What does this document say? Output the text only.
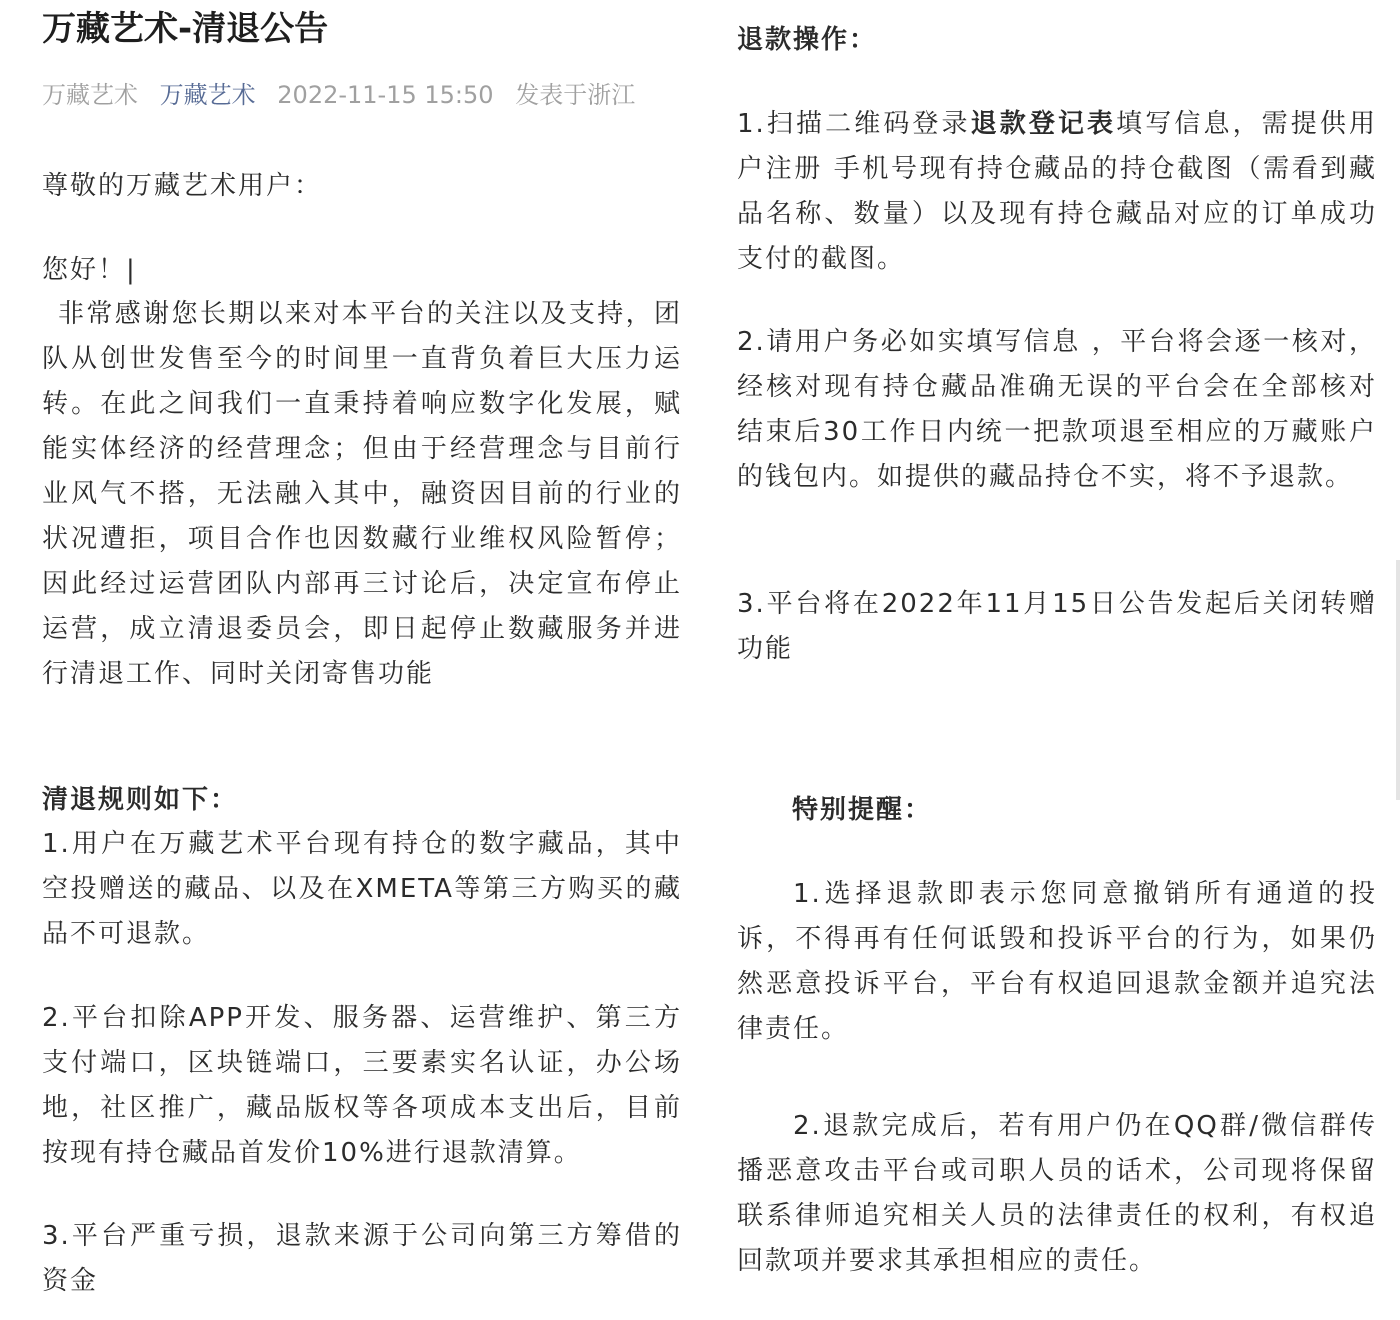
万藏艺术-清退公告
万藏艺术 万藏艺术 2022-11-15 15:50 发表于浙江

尊敬的万藏艺术用户：

您好！|

非常感谢您长期以来对本平台的关注以及支持，团队从创世发售至今的时间里一直背负着巨大压力运转。在此之间我们一直秉持着响应数字化发展，赋能实体经济的经营理念；但由于经营理念与目前行业风气不搭，无法融入其中，融资因目前的行业的状况遭拒，项目合作也因数藏行业维权风险暂停；因此经过运营团队内部再三讨论后，决定宣布停止运营，成立清退委员会，即日起停止数藏服务并进行清退工作、同时关闭寄售功能

清退规则如下：

1.用户在万藏艺术平台现有持仓的数字藏品，其中空投赠送的藏品、以及在XMETA等第三方购买的藏品不可退款。

2.平台扣除APP开发、服务器、运营维护、第三方支付端口，区块链端口，三要素实名认证，办公场地，社区推广，藏品版权等各项成本支出后，目前按现有持仓藏品首发价10%进行退款清算。

3.平台严重亏损，退款来源于公司向第三方筹借的资金

退款操作：

1.扫描二维码登录退款登记表填写信息，需提供用户注册 手机号现有持仓藏品的持仓截图（需看到藏品名称、数量）以及现有持仓藏品对应的订单成功支付的截图。

2.请用户务必如实填写信息 ，平台将会逐一核对，经核对现有持仓藏品准确无误的平台会在全部核对结束后30工作日内统一把款项退至相应的万藏账户的钱包内。如提供的藏品持仓不实，将不予退款。

3.平台将在2022年11月15日公告发起后关闭转赠功能

特别提醒：

1.选择退款即表示您同意撤销所有通道的投诉，不得再有任何诋毁和投诉平台的行为，如果仍然恶意投诉平台，平台有权追回退款金额并追究法律责任。

2.退款完成后，若有用户仍在QQ群/微信群传播恶意攻击平台或司职人员的话术，公司现将保留联系律师追究相关人员的法律责任的权利，有权追回款项并要求其承担相应的责任。
